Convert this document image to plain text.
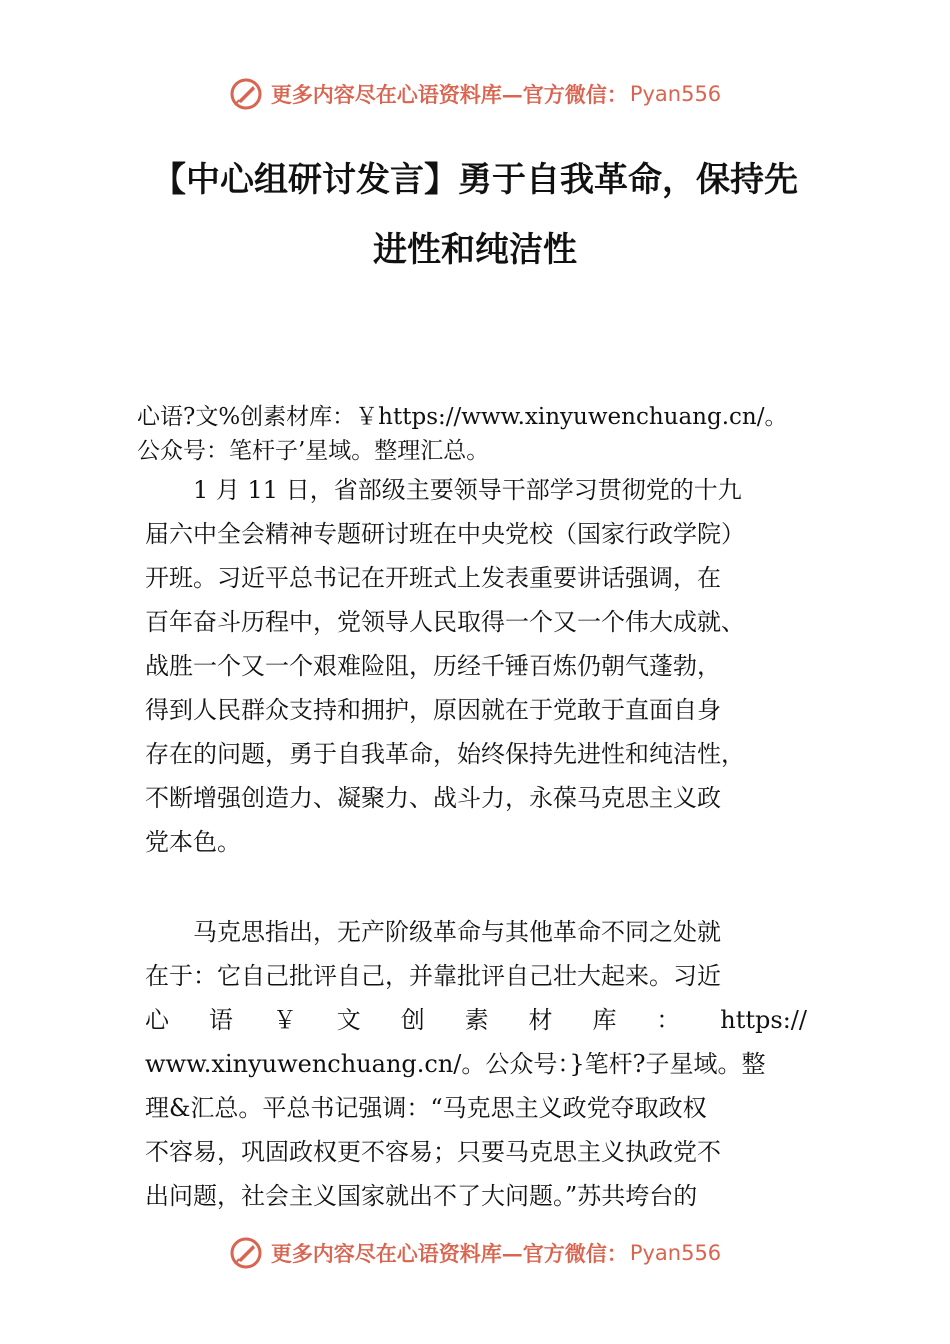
更多内容尽在心语资料库—官方微信： Pyan556
【中心组研讨发言】勇于自我革命，保持先
进性和纯洁性
心语?文%创素材库：￥https://www.xinyuwenchuang.cn/。
公众号：笔杆子’星域。整理汇总。
　　1 月 11 日，省部级主要领导干部学习贯彻党的十九
届六中全会精神专题研讨班在中央党校（国家行政学院）
开班。习近平总书记在开班式上发表重要讲话强调，在
百年奋斗历程中，党领导人民取得一个又一个伟大成就、
战胜一个又一个艰难险阻，历经千锤百炼仍朝气蓬勃，
得到人民群众支持和拥护，原因就在于党敢于直面自身
存在的问题，勇于自我革命，始终保持先进性和纯洁性，
不断增强创造力、凝聚力、战斗力，永葆马克思主义政
党本色。
　　马克思指出，无产阶级革命与其他革命不同之处就
在于：它自己批评自己，并靠批评自己壮大起来。习近
心 语 ￥ 文 创 素 材 库 ： https://
www.xinyuwenchuang.cn/。公众号：}笔杆?子星域。整
理&汇总。平总书记强调：“马克思主义政党夺取政权
不容易，巩固政权更不容易；只要马克思主义执政党不
出问题，社会主义国家就出不了大问题。”苏共垮台的
更多内容尽在心语资料库—官方微信： Pyan556
